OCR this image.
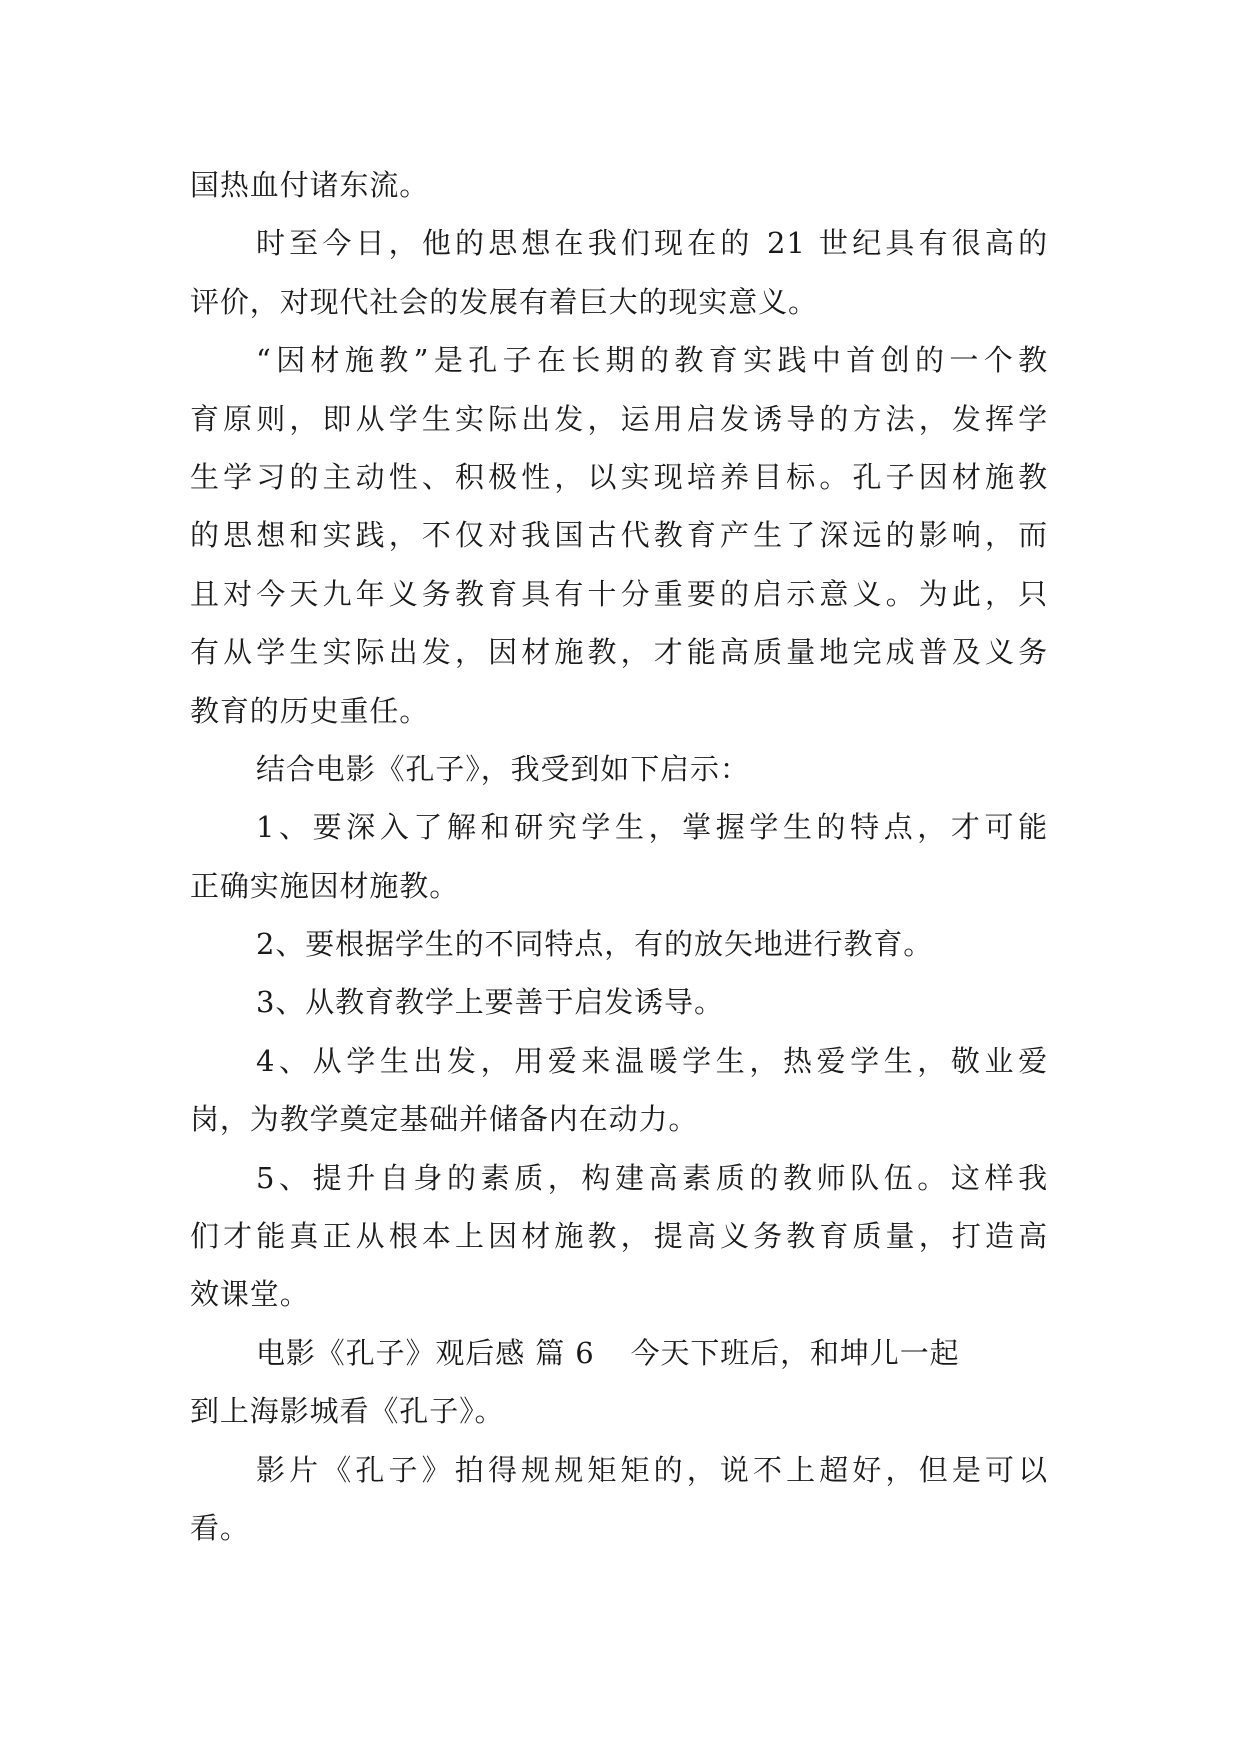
国热血付诸东流。
时至今日，他的思想在我们现在的 21 世纪具有很高的
评价，对现代社会的发展有着巨大的现实意义。
“因材施教”是孔子在长期的教育实践中首创的一个教
育原则，即从学生实际出发，运用启发诱导的方法，发挥学
生学习的主动性、积极性，以实现培养目标。孔子因材施教
的思想和实践，不仅对我国古代教育产生了深远的影响，而
且对今天九年义务教育具有十分重要的启示意义。为此，只
有从学生实际出发，因材施教，才能高质量地完成普及义务
教育的历史重任。
结合电影《孔子》，我受到如下启示：
1、要深入了解和研究学生，掌握学生的特点，才可能
正确实施因材施教。
2、要根据学生的不同特点，有的放矢地进行教育。
3、从教育教学上要善于启发诱导。
4、从学生出发，用爱来温暖学生，热爱学生，敬业爱
岗，为教学奠定基础并储备内在动力。
5、提升自身的素质，构建高素质的教师队伍。这样我
们才能真正从根本上因材施教，提高义务教育质量，打造高
效课堂。
电影《孔子》观后感 篇 6 今天下班后，和坤儿一起
到上海影城看《孔子》。
影片《孔子》拍得规规矩矩的，说不上超好，但是可以
看。
